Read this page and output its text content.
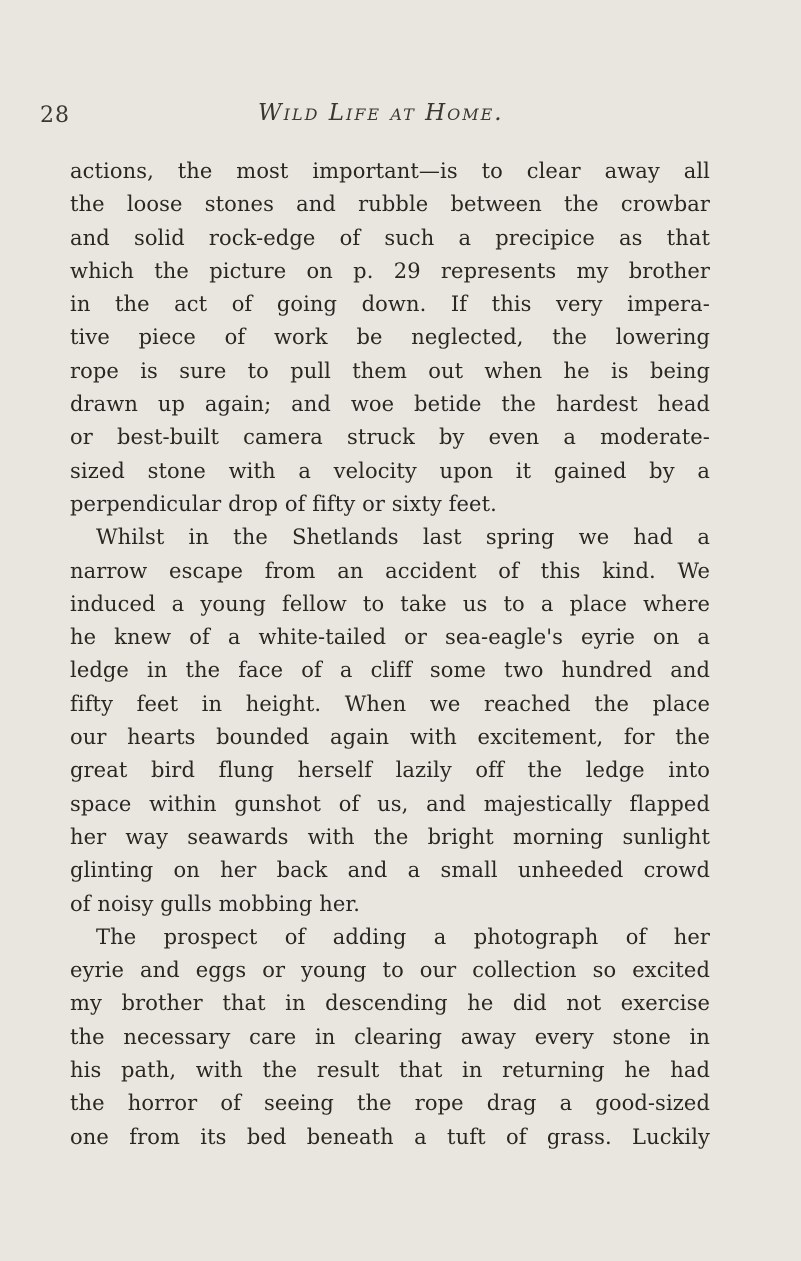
28	Wild Life at Home.
actions, the most important—is to clear away all
the loose stones and rubble between the crowbar
and solid rock-edge of such a precipice as that
which the picture on p. 29 represents my brother
in the act of going down. If this very impera-
tive piece of work be neglected, the lowering
rope is sure to pull them out when he is being
drawn up again; and woe betide the hardest head
or best-built camera struck by even a moderate-
sized stone with a velocity upon it gained by a
perpendicular drop of fifty or sixty feet.
Whilst in the Shetlands last spring we had a
narrow escape from an accident of this kind. We
induced a young fellow to take us to a place where
he knew of a white-tailed or sea-eagle's eyrie on a
ledge in the face of a cliff some two hundred and
fifty feet in height. When we reached the place
our hearts bounded again with excitement, for the
great bird flung herself lazily off the ledge into
space within gunshot of us, and majestically flapped
her way seawards with the bright morning sunlight
glinting on her back and a small unheeded crowd
of noisy gulls mobbing her.
The prospect of adding a photograph of her
eyrie and eggs or young to our collection so excited
my brother that in descending he did not exercise
the necessary care in clearing away every stone in
his path, with the result that in returning he had
the horror of seeing the rope drag a good-sized
one from its bed beneath a tuft of grass. Luckily
